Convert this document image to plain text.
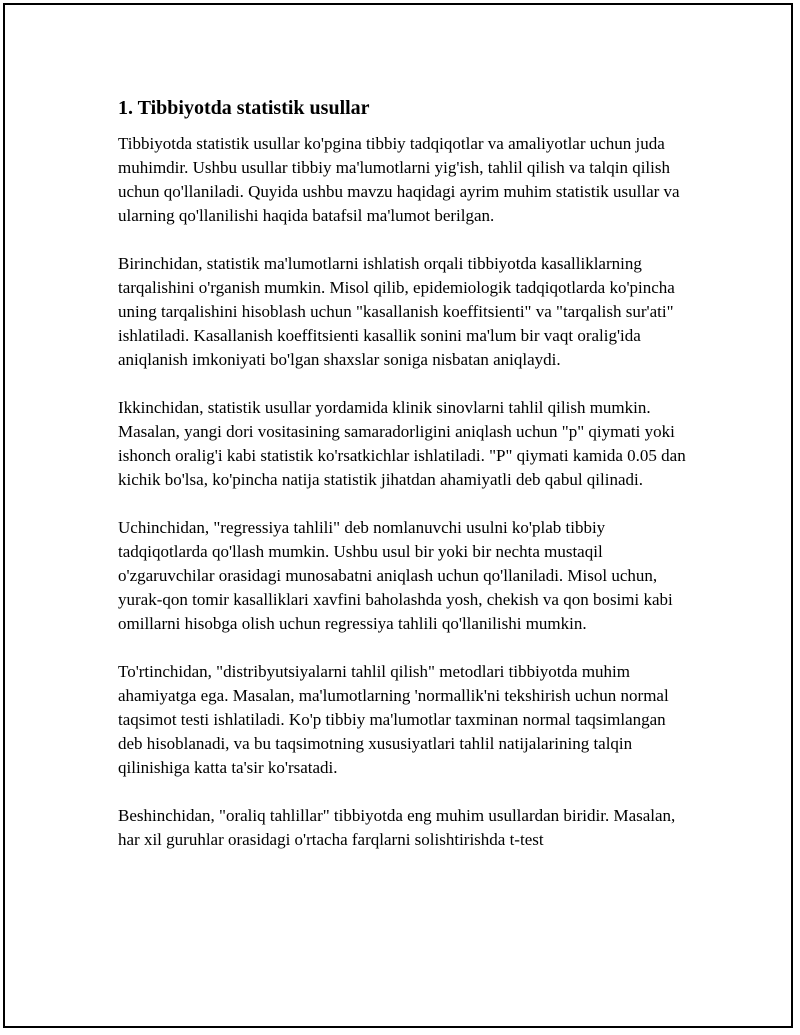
1. Tibbiyotda statistik usullar

Tibbiyotda statistik usullar ko'pgina tibbiy tadqiqotlar va amaliyotlar uchun juda muhimdir. Ushbu usullar tibbiy ma'lumotlarni yig'ish, tahlil qilish va talqin qilish uchun qo'llaniladi. Quyida ushbu mavzu haqidagi ayrim muhim statistik usullar va ularning qo'llanilishi haqida batafsil ma'lumot berilgan.

Birinchidan, statistik ma'lumotlarni ishlatish orqali tibbiyotda kasalliklarning tarqalishini o'rganish mumkin. Misol qilib, epidemiologik tadqiqotlarda ko'pincha uning tarqalishini hisoblash uchun "kasallanish koeffitsienti" va "tarqalish sur'ati" ishlatiladi. Kasallanish koeffitsienti kasallik sonini ma'lum bir vaqt oralig'ida aniqlanish imkoniyati bo'lgan shaxslar soniga nisbatan aniqlaydi.

Ikkinchidan, statistik usullar yordamida klinik sinovlarni tahlil qilish mumkin. Masalan, yangi dori vositasining samaradorligini aniqlash uchun "p" qiymati yoki ishonch oralig'i kabi statistik ko'rsatkichlar ishlatiladi. "P" qiymati kamida 0.05 dan kichik bo'lsa, ko'pincha natija statistik jihatdan ahamiyatli deb qabul qilinadi.

Uchinchidan, "regressiya tahlili" deb nomlanuvchi usulni ko'plab tibbiy tadqiqotlarda qo'llash mumkin. Ushbu usul bir yoki bir nechta mustaqil o'zgaruvchilar orasidagi munosabatni aniqlash uchun qo'llaniladi. Misol uchun, yurak-qon tomir kasalliklari xavfini baholashda yosh, chekish va qon bosimi kabi omillarni hisobga olish uchun regressiya tahlili qo'llanilishi mumkin.

To'rtinchidan, "distribyutsiyalarni tahlil qilish" metodlari tibbiyotda muhim ahamiyatga ega. Masalan, ma'lumotlarning 'normallik'ni tekshirish uchun normal taqsimot testi ishlatiladi. Ko'p tibbiy ma'lumotlar taxminan normal taqsimlangan deb hisoblanadi, va bu taqsimotning xususiyatlari tahlil natijalarining talqin qilinishiga katta ta'sir ko'rsatadi.

Beshinchidan, "oraliq tahlillar" tibbiyotda eng muhim usullardan biridir. Masalan, har xil guruhlar orasidagi o'rtacha farqlarni solishtirishda t-test
